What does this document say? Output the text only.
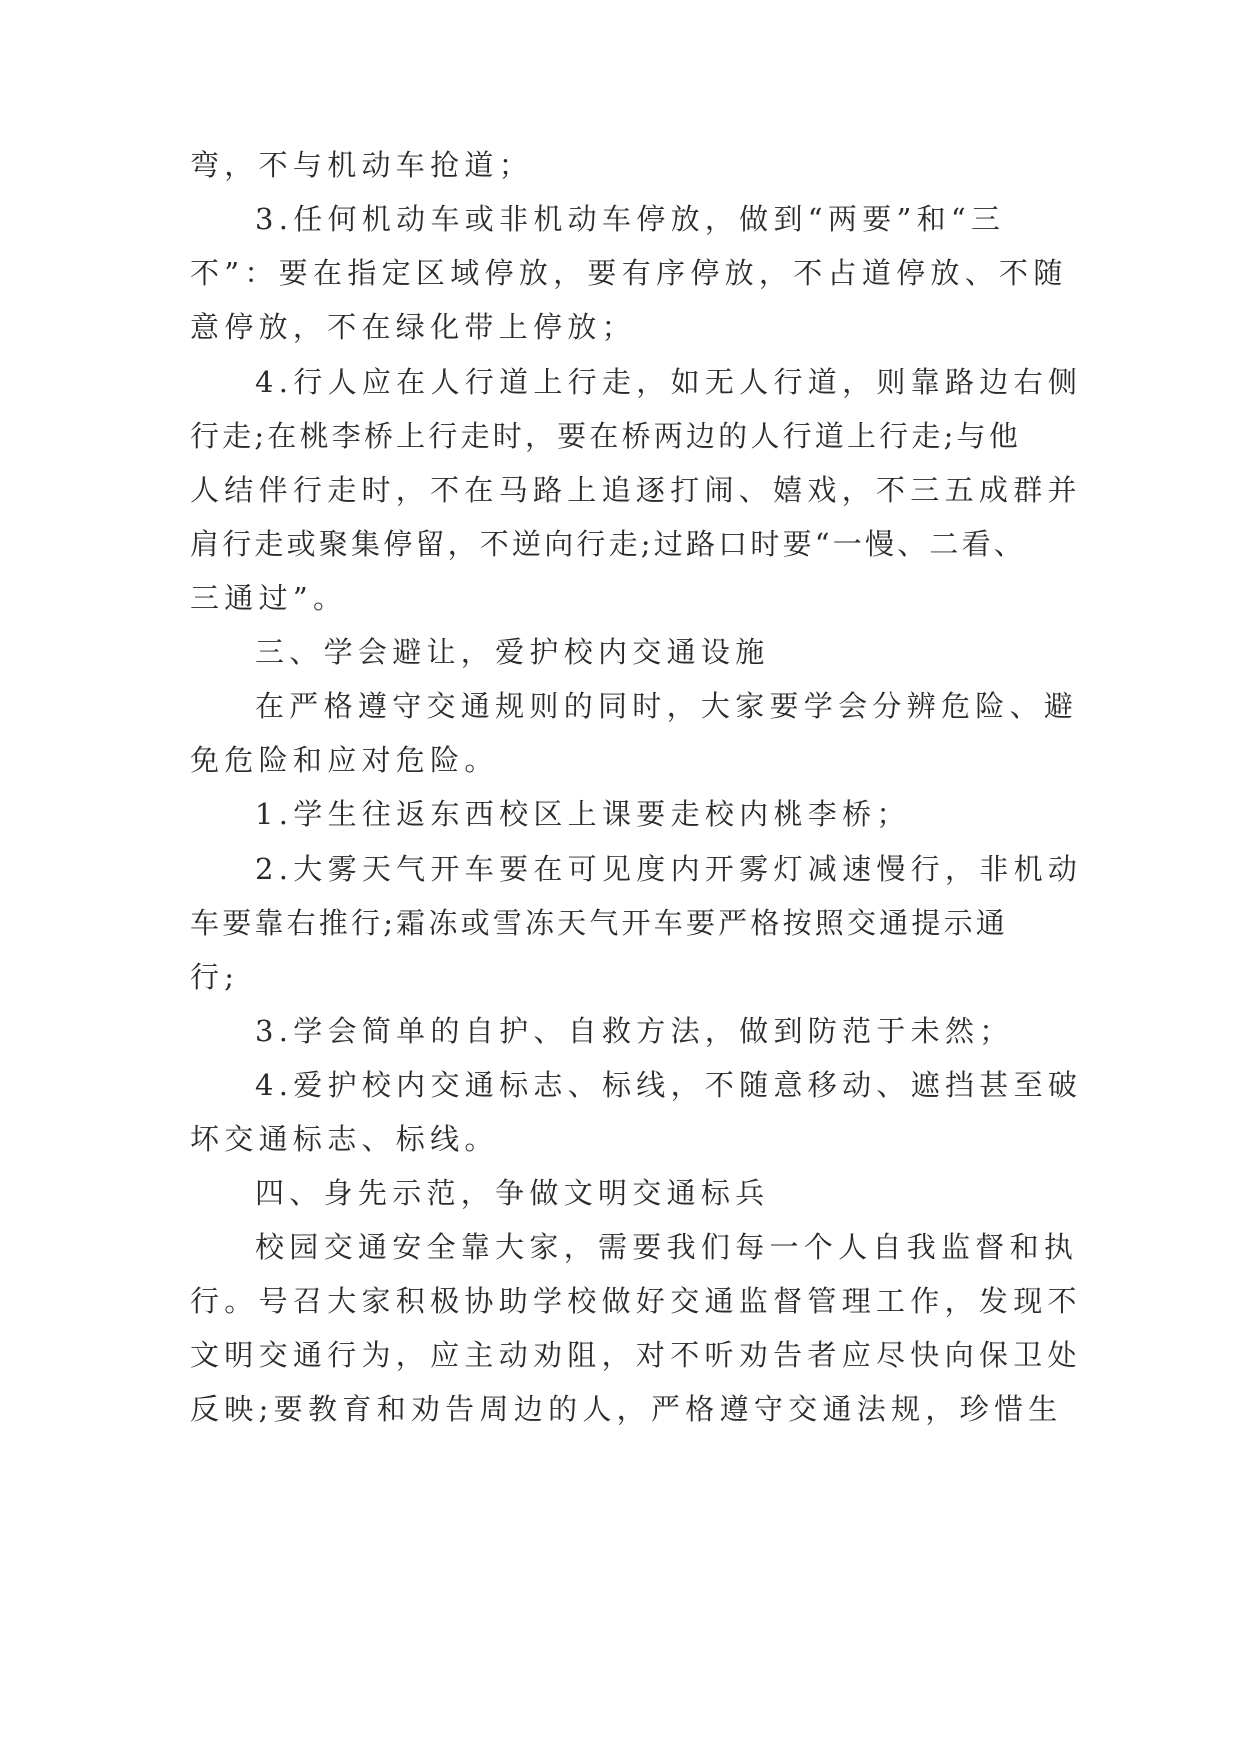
弯，不与机动车抢道；
3.任何机动车或非机动车停放，做到“两要”和“三
不”：要在指定区域停放，要有序停放，不占道停放、不随
意停放，不在绿化带上停放；
4.行人应在人行道上行走，如无人行道，则靠路边右侧
行走;在桃李桥上行走时，要在桥两边的人行道上行走;与他
人结伴行走时，不在马路上追逐打闹、嬉戏，不三五成群并
肩行走或聚集停留，不逆向行走;过路口时要“一慢、二看、
三通过”。
三、学会避让，爱护校内交通设施
在严格遵守交通规则的同时，大家要学会分辨危险、避
免危险和应对危险。
1.学生往返东西校区上课要走校内桃李桥；
2.大雾天气开车要在可见度内开雾灯减速慢行，非机动
车要靠右推行;霜冻或雪冻天气开车要严格按照交通提示通
行;
3.学会简单的自护、自救方法，做到防范于未然；
4.爱护校内交通标志、标线，不随意移动、遮挡甚至破
坏交通标志、标线。
四、身先示范，争做文明交通标兵
校园交通安全靠大家，需要我们每一个人自我监督和执
行。号召大家积极协助学校做好交通监督管理工作，发现不
文明交通行为，应主动劝阻，对不听劝告者应尽快向保卫处
反映;要教育和劝告周边的人，严格遵守交通法规，珍惜生
